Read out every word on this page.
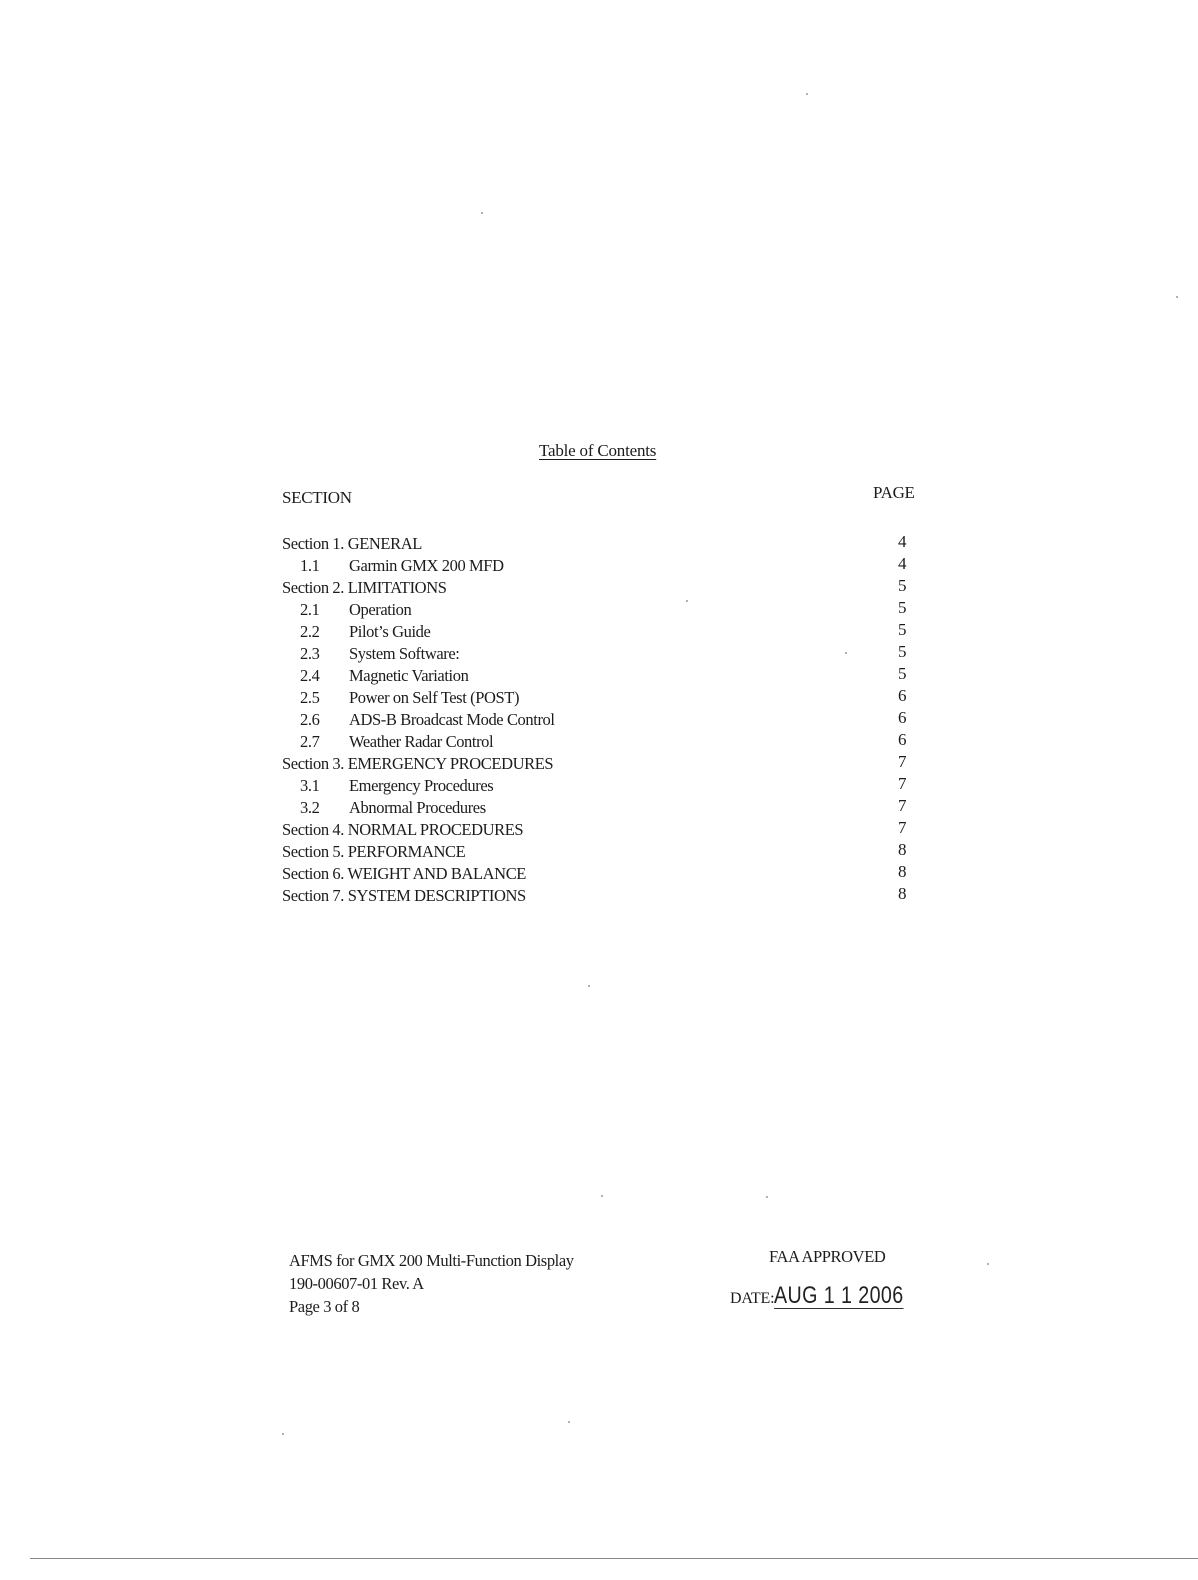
Table of Contents
SECTION	PAGE
Section 1. GENERAL	4
1.1 Garmin GMX 200 MFD	4
Section 2. LIMITATIONS	5
2.1 Operation	5
2.2 Pilot’s Guide	5
2.3 System Software:	5
2.4 Magnetic Variation	5
2.5 Power on Self Test (POST)	6
2.6 ADS-B Broadcast Mode Control	6
2.7 Weather Radar Control	6
Section 3. EMERGENCY PROCEDURES	7
3.1 Emergency Procedures	7
3.2 Abnormal Procedures	7
Section 4. NORMAL PROCEDURES	7
Section 5. PERFORMANCE	8
Section 6. WEIGHT AND BALANCE	8
Section 7. SYSTEM DESCRIPTIONS	8
AFMS for GMX 200 Multi-Function Display
190-00607-01 Rev. A
Page 3 of 8
FAA APPROVED
DATE:AUG 1 1 2006
